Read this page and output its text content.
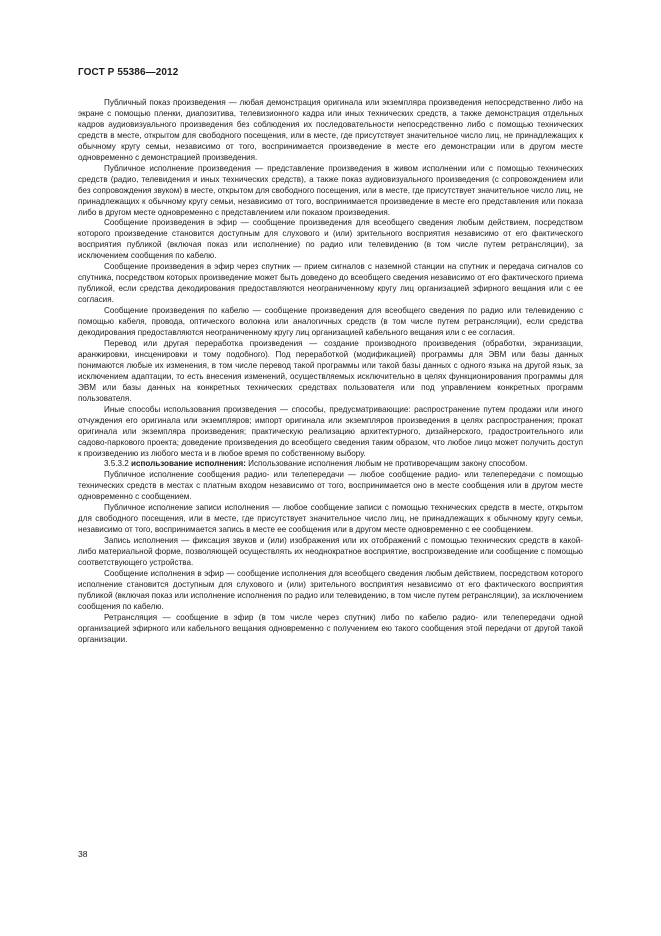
ГОСТ Р 55386—2012

Публичный показ произведения — любая демонстрация оригинала или экземпляра произведения непосредственно либо на экране с помощью пленки, диапозитива, телевизионного кадра или иных технических средств, а также демонстрация отдельных кадров аудиовизуального произведения без соблюдения их последовательности непосредственно либо с помощью технических средств в месте, открытом для свободного посещения, или в месте, где присутствует значительное число лиц, не принадлежащих к обычному кругу семьи, независимо от того, воспринимается произведение в месте его демонстрации или в другом месте одновременно с демонстрацией произведения.

Публичное исполнение произведения — представление произведения в живом исполнении или с помощью технических средств (радио, телевидения и иных технических средств), а также показ аудиовизуального произведения (с сопровождением или без сопровождения звуком) в месте, открытом для свободного посещения, или в месте, где присутствует значительное число лиц, не принадлежащих к обычному кругу семьи, независимо от того, воспринимается произведение в месте его представления или показа либо в другом месте одновременно с представлением или показом произведения.

Сообщение произведения в эфир — сообщение произведения для всеобщего сведения любым действием, посредством которого произведение становится доступным для слухового и (или) зрительного восприятия независимо от его фактического восприятия публикой (включая показ или исполнение) по радио или телевидению (в том числе путем ретрансляции), за исключением сообщения по кабелю.

Сообщение произведения в эфир через спутник — прием сигналов с наземной станции на спутник и передача сигналов со спутника, посредством которых произведение может быть доведено до всеобщего сведения независимо от его фактического приема публикой, если средства декодирования предоставляются неограниченному кругу лиц организацией эфирного вещания или с ее согласия.

Сообщение произведения по кабелю — сообщение произведения для всеобщего сведения по радио или телевидению с помощью кабеля, провода, оптического волокна или аналогичных средств (в том числе путем ретрансляции), если средства декодирования предоставляются неограниченному кругу лиц организацией кабельного вещания или с ее согласия.

Перевод или другая переработка произведения — создание производного произведения (обработки, экранизации, аранжировки, инсценировки и тому подобного). Под переработкой (модификацией) программы для ЭВМ или базы данных понимаются любые их изменения, в том числе перевод такой программы или такой базы данных с одного языка на другой язык, за исключением адаптации, то есть внесения изменений, осуществляемых исключительно в целях функционирования программы для ЭВМ или базы данных на конкретных технических средствах пользователя или под управлением конкретных программ пользователя.

Иные способы использования произведения — способы, предусматривающие: распространение путем продажи или иного отчуждения его оригинала или экземпляров; импорт оригинала или экземпляров произведения в целях распространения; прокат оригинала или экземпляра произведения; практическую реализацию архитектурного, дизайнерского, градостроительного или садово-паркового проекта; доведение произведения до всеобщего сведения таким образом, что любое лицо может получить доступ к произведению из любого места и в любое время по собственному выбору.

3.5.3.2 использование исполнения: Использование исполнения любым не противоречащим закону способом.

Публичное исполнение сообщения радио- или телепередачи — любое сообщение радио- или телепередачи с помощью технических средств в местах с платным входом независимо от того, воспринимается оно в месте сообщения или в другом месте одновременно с сообщением.

Публичное исполнение записи исполнения — любое сообщение записи с помощью технических средств в месте, открытом для свободного посещения, или в месте, где присутствует значительное число лиц, не принадлежащих к обычному кругу семьи, независимо от того, воспринимается запись в месте ее сообщения или в другом месте одновременно с ее сообщением.

Запись исполнения — фиксация звуков и (или) изображения или их отображений с помощью технических средств в какой-либо материальной форме, позволяющей осуществлять их неоднократное восприятие, воспроизведение или сообщение с помощью соответствующего устройства.

Сообщение исполнения в эфир — сообщение исполнения для всеобщего сведения любым действием, посредством которого исполнение становится доступным для слухового и (или) зрительного восприятия независимо от его фактического восприятия публикой (включая показ или исполнение исполнения по радио или телевидению, в том числе путем ретрансляции), за исключением сообщения по кабелю.

Ретрансляция — сообщение в эфир (в том числе через спутник) либо по кабелю радио- или телепередачи одной организацией эфирного или кабельного вещания одновременно с получением ею такого сообщения этой передачи от другой такой организации.

38
